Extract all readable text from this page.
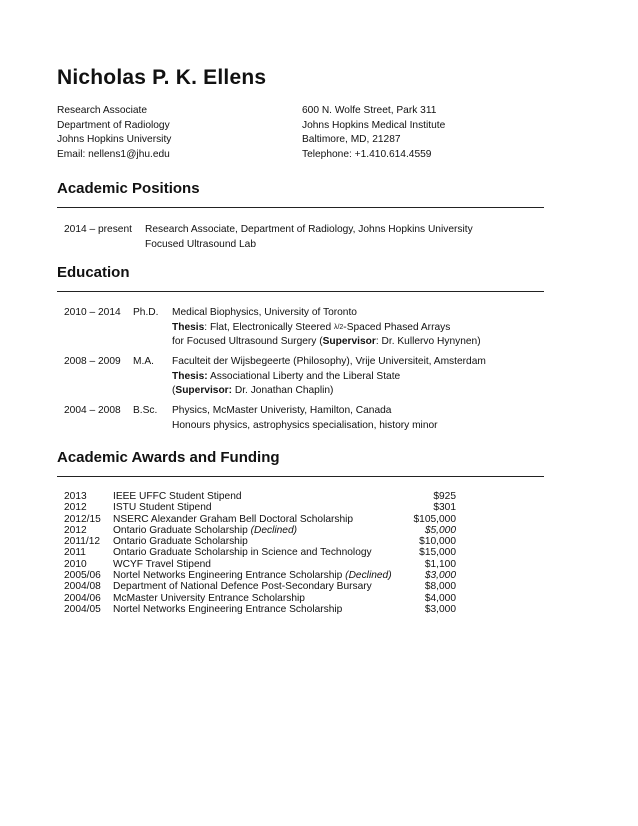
Nicholas P. K. Ellens
Research Associate
Department of Radiology
Johns Hopkins University
Email: nellens1@jhu.edu
600 N. Wolfe Street, Park 311
Johns Hopkins Medical Institute
Baltimore, MD, 21287
Telephone: +1.410.614.4559
Academic Positions
2014 – present Research Associate, Department of Radiology, Johns Hopkins University
Focused Ultrasound Lab
Education
2010 – 2014 Ph.D. Medical Biophysics, University of Toronto
Thesis: Flat, Electronically Steered λ/2-Spaced Phased Arrays
for Focused Ultrasound Surgery (Supervisor: Dr. Kullervo Hynynen)
2008 – 2009 M.A. Faculteit der Wijsbegeerte (Philosophy), Vrije Universiteit, Amsterdam
Thesis: Associational Liberty and the Liberal State
(Supervisor: Dr. Jonathan Chaplin)
2004 – 2008 B.Sc. Physics, McMaster Univeristy, Hamilton, Canada
Honours physics, astrophysics specialisation, history minor
Academic Awards and Funding
2013	IEEE UFFC Student Stipend	$925
2012	ISTU Student Stipend	$301
2012/15 NSERC Alexander Graham Bell Doctoral Scholarship	$105,000
2012	Ontario Graduate Scholarship (Declined)	$5,000
2011/12 Ontario Graduate Scholarship	$10,000
2011	Ontario Graduate Scholarship in Science and Technology	$15,000
2010	WCYF Travel Stipend	$1,100
2005/06 Nortel Networks Engineering Entrance Scholarship (Declined)	$3,000
2004/08 Department of National Defence Post-Secondary Bursary	$8,000
2004/06 McMaster University Entrance Scholarship	$4,000
2004/05 Nortel Networks Engineering Entrance Scholarship	$3,000
